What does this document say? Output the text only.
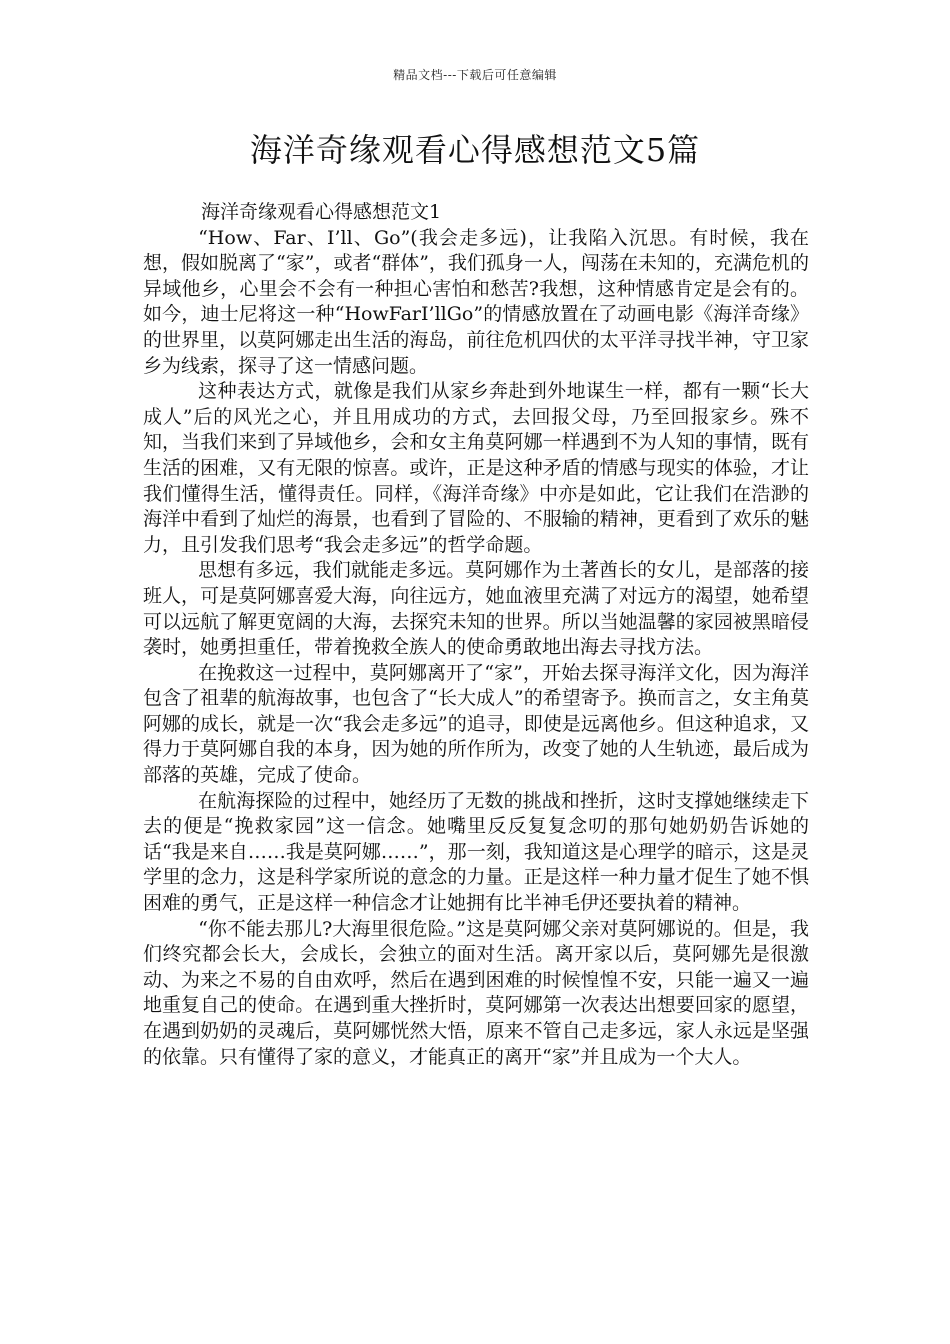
精品文档---下载后可任意编辑
海洋奇缘观看心得感想范文5篇

海洋奇缘观看心得感想范文1

“How、Far、I’ll、Go”(我会走多远)，让我陷入沉思。有时候，我在想，假如脱离了“家”，或者“群体”，我们孤身一人，闯荡在未知的，充满危机的异域他乡，心里会不会有一种担心害怕和愁苦?我想，这种情感肯定是会有的。如今，迪士尼将这一种“HowFarI’llGo”的情感放置在了动画电影《海洋奇缘》的世界里，以莫阿娜走出生活的海岛，前往危机四伏的太平洋寻找半神，守卫家乡为线索，探寻了这一情感问题。

这种表达方式，就像是我们从家乡奔赴到外地谋生一样，都有一颗“长大成人”后的风光之心，并且用成功的方式，去回报父母，乃至回报家乡。殊不知，当我们来到了异域他乡，会和女主角莫阿娜一样遇到不为人知的事情，既有生活的困难，又有无限的惊喜。或许，正是这种矛盾的情感与现实的体验，才让我们懂得生活，懂得责任。同样，《海洋奇缘》中亦是如此，它让我们在浩渺的海洋中看到了灿烂的海景，也看到了冒险的、不服输的精神，更看到了欢乐的魅力，且引发我们思考“我会走多远”的哲学命题。

思想有多远，我们就能走多远。莫阿娜作为土著酋长的女儿，是部落的接班人，可是莫阿娜喜爱大海，向往远方，她血液里充满了对远方的渴望，她希望可以远航了解更宽阔的大海，去探究未知的世界。所以当她温馨的家园被黑暗侵袭时，她勇担重任，带着挽救全族人的使命勇敢地出海去寻找方法。

在挽救这一过程中，莫阿娜离开了“家”，开始去探寻海洋文化，因为海洋包含了祖辈的航海故事，也包含了“长大成人”的希望寄予。换而言之，女主角莫阿娜的成长，就是一次“我会走多远”的追寻，即使是远离他乡。但这种追求，又得力于莫阿娜自我的本身，因为她的所作所为，改变了她的人生轨迹，最后成为部落的英雄，完成了使命。

在航海探险的过程中，她经历了无数的挑战和挫折，这时支撑她继续走下去的便是“挽救家园”这一信念。她嘴里反反复复念叨的那句她奶奶告诉她的话“我是来自……我是莫阿娜……”，那一刻，我知道这是心理学的暗示，这是灵学里的念力，这是科学家所说的意念的力量。正是这样一种力量才促生了她不惧困难的勇气，正是这样一种信念才让她拥有比半神毛伊还要执着的精神。

“你不能去那儿?大海里很危险。”这是莫阿娜父亲对莫阿娜说的。但是，我们终究都会长大，会成长，会独立的面对生活。离开家以后，莫阿娜先是很激动、为来之不易的自由欢呼，然后在遇到困难的时候惶惶不安，只能一遍又一遍地重复自己的使命。在遇到重大挫折时，莫阿娜第一次表达出想要回家的愿望，在遇到奶奶的灵魂后，莫阿娜恍然大悟，原来不管自己走多远，家人永远是坚强的依靠。只有懂得了家的意义，才能真正的离开“家”并且成为一个大人。
